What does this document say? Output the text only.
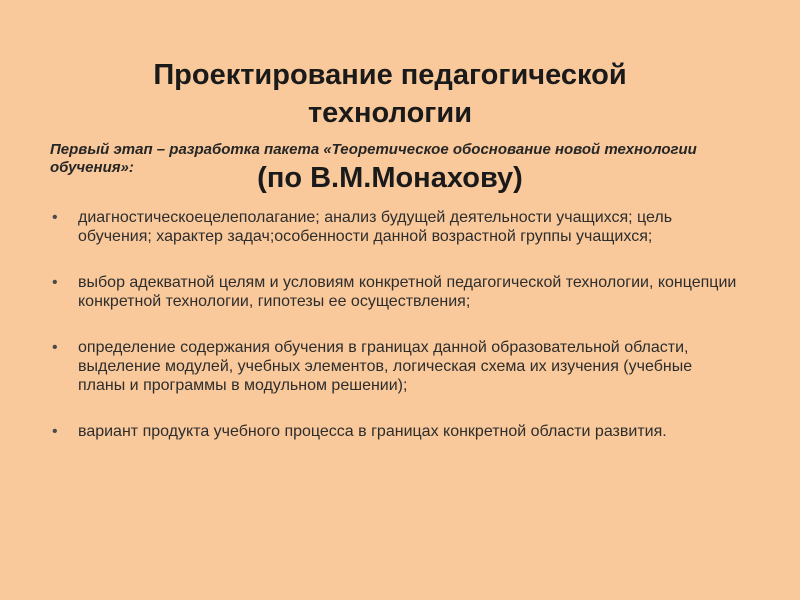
Проектирование педагогической
технологии
(по В.М.Монахову)
Первый этап – разработка пакета «Теоретическое обоснование новой технологии обучения»:
•	диагностическоецелеполагание; анализ будущей деятельности учащихся; цель обучения; характер задач;особенности данной возрастной группы учащихся;
•	выбор адекватной целям и условиям конкретной педагогической технологии, концепции конкретной технологии, гипотезы ее осуществления;
•	определение содержания обучения в границах данной образовательной области, выделение модулей, учебных элементов, логическая схема их изучения (учебные планы и программы в модульном решении);
•	вариант продукта учебного процесса в границах конкретной области развития.
